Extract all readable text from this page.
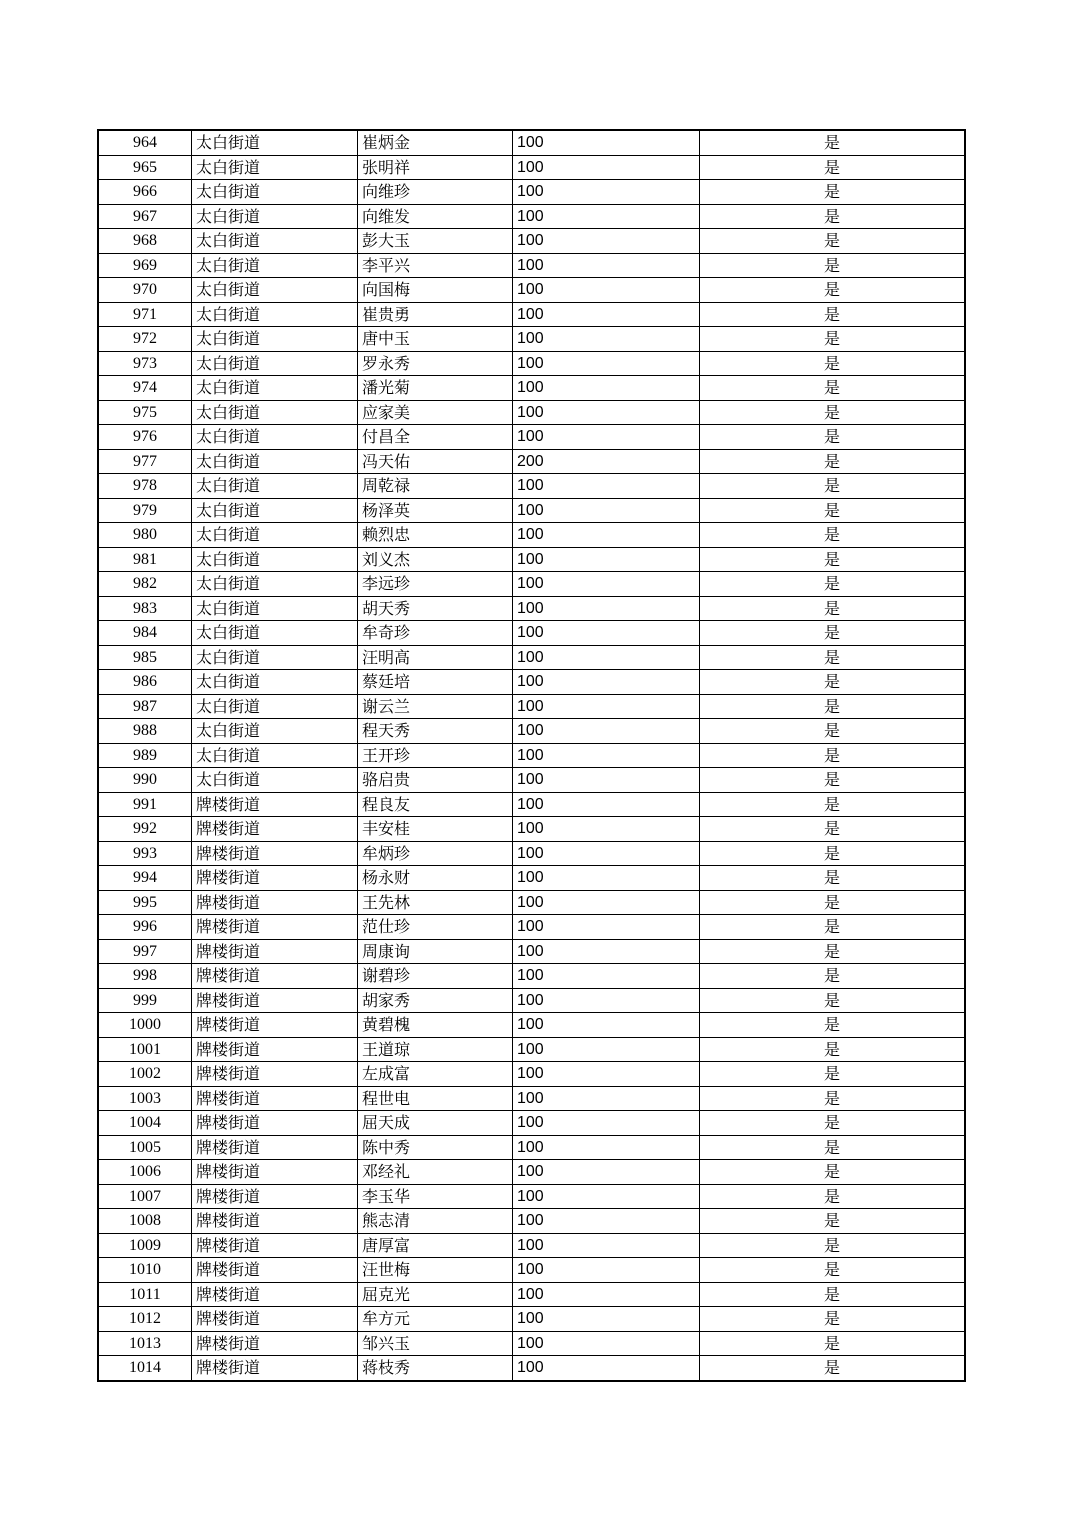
964	太白街道	崔炳金	100	是
965	太白街道	张明祥	100	是
966	太白街道	向维珍	100	是
967	太白街道	向维发	100	是
968	太白街道	彭大玉	100	是
969	太白街道	李平兴	100	是
970	太白街道	向国梅	100	是
971	太白街道	崔贵勇	100	是
972	太白街道	唐中玉	100	是
973	太白街道	罗永秀	100	是
974	太白街道	潘光菊	100	是
975	太白街道	应家美	100	是
976	太白街道	付昌全	100	是
977	太白街道	冯天佑	200	是
978	太白街道	周乾禄	100	是
979	太白街道	杨泽英	100	是
980	太白街道	赖烈忠	100	是
981	太白街道	刘义杰	100	是
982	太白街道	李远珍	100	是
983	太白街道	胡天秀	100	是
984	太白街道	牟奇珍	100	是
985	太白街道	汪明高	100	是
986	太白街道	蔡廷培	100	是
987	太白街道	谢云兰	100	是
988	太白街道	程天秀	100	是
989	太白街道	王开珍	100	是
990	太白街道	骆启贵	100	是
991	牌楼街道	程良友	100	是
992	牌楼街道	丰安桂	100	是
993	牌楼街道	牟炳珍	100	是
994	牌楼街道	杨永财	100	是
995	牌楼街道	王先林	100	是
996	牌楼街道	范仕珍	100	是
997	牌楼街道	周康询	100	是
998	牌楼街道	谢碧珍	100	是
999	牌楼街道	胡家秀	100	是
1000	牌楼街道	黄碧槐	100	是
1001	牌楼街道	王道琼	100	是
1002	牌楼街道	左成富	100	是
1003	牌楼街道	程世电	100	是
1004	牌楼街道	屈天成	100	是
1005	牌楼街道	陈中秀	100	是
1006	牌楼街道	邓经礼	100	是
1007	牌楼街道	李玉华	100	是
1008	牌楼街道	熊志清	100	是
1009	牌楼街道	唐厚富	100	是
1010	牌楼街道	汪世梅	100	是
1011	牌楼街道	屈克光	100	是
1012	牌楼街道	牟方元	100	是
1013	牌楼街道	邹兴玉	100	是
1014	牌楼街道	蒋枝秀	100	是
